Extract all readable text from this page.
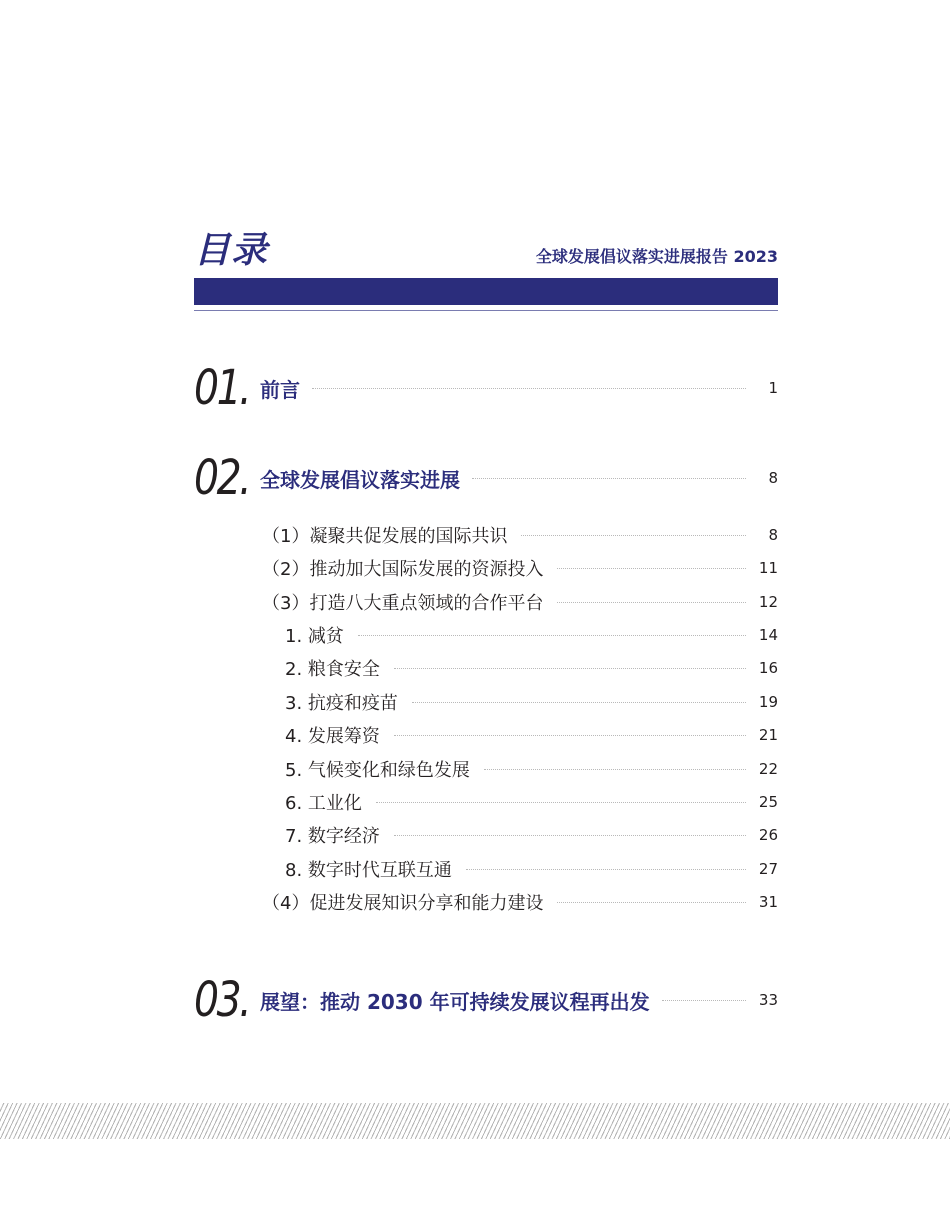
目录	全球发展倡议落实进展报告 2023
01. 前言	1
02. 全球发展倡议落实进展	8
（1）凝聚共促发展的国际共识	8
（2）推动加大国际发展的资源投入	11
（3）打造八大重点领域的合作平台	12
1. 减贫	14
2. 粮食安全	16
3. 抗疫和疫苗	19
4. 发展筹资	21
5. 气候变化和绿色发展	22
6. 工业化	25
7. 数字经济	26
8. 数字时代互联互通	27
（4）促进发展知识分享和能力建设	31
03. 展望：推动 2030 年可持续发展议程再出发	33
